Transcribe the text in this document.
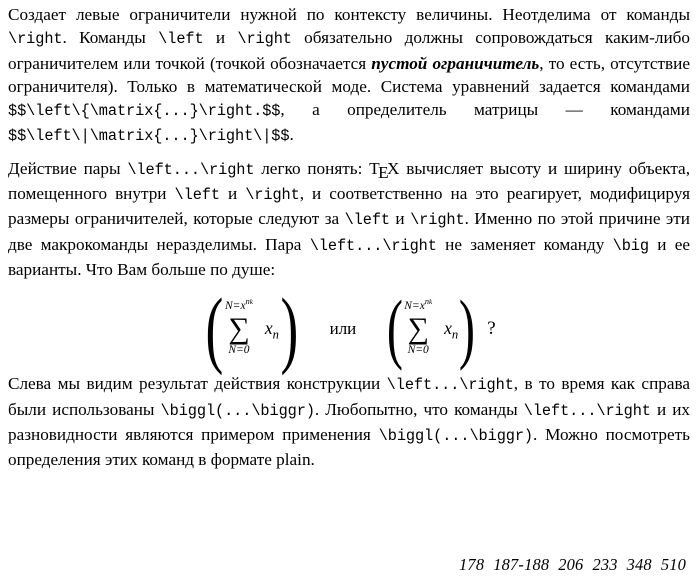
Создает левые ограничители нужной по контексту величины. Неотделима от команды \right. Команды \left и \right обязательно должны сопровождаться каким-либо ограничителем или точкой (точкой обозначается пустой ограничитель, то есть, отсутствие ограничителя). Только в математической моде. Система уравнений задается командами $$\left\{\matrix{...}\right.$$, а определитель матрицы — командами $$\left\|\matrix{...}\right\|$$.

Действие пары \left...\right легко понять: TEX вычисляет высоту и ширину объекта, помещенного внутри \left и \right, и соответственно на это реагирует, модифицируя размеры ограничителей, которые следуют за \left и \right. Именно по этой причине эти две макрокоманды неразделимы. Пара \left...\right не заменяет команду \big и ее варианты. Что Вам больше по душе:

( $N=x^{nk}$
∑
N=0
$x_n$ ) или ( $N=x^{nk}$
∑
N=0
$x_n$ ) ?

Слева мы видим результат действия конструкции \left...\right, в то время как справа были использованы \biggl(...\biggr). Любопытно, что команды \left...\right и их разновидности являются примером применения \biggl(...\biggr). Можно посмотреть определения этих команд в формате plain.

178 187-188 206 233 348 510
